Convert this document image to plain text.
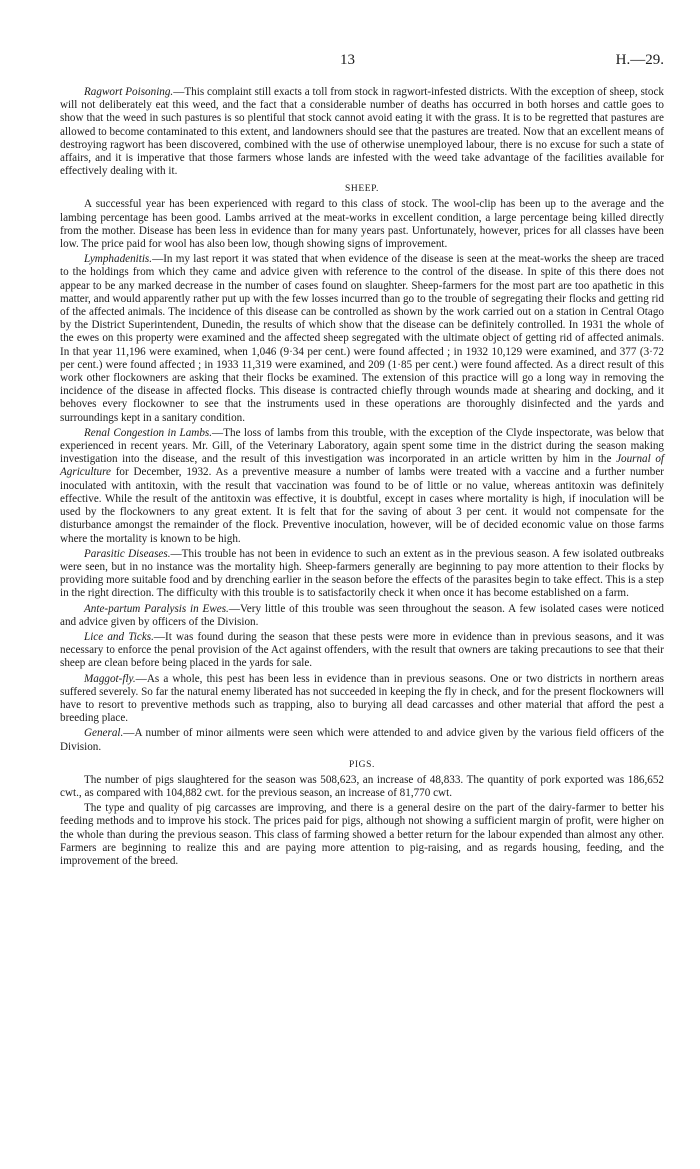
13	H.—29.

Ragwort Poisoning.—This complaint still exacts a toll from stock in ragwort-infested districts. With the exception of sheep, stock will not deliberately eat this weed, and the fact that a considerable number of deaths has occurred in both horses and cattle goes to show that the weed in such pastures is so plentiful that stock cannot avoid eating it with the grass. It is to be regretted that pastures are allowed to become contaminated to this extent, and landowners should see that the pastures are treated. Now that an excellent means of destroying ragwort has been discovered, combined with the use of otherwise unemployed labour, there is no excuse for such a state of affairs, and it is imperative that those farmers whose lands are infested with the weed take advantage of the facilities available for effectively dealing with it.

SHEEP.

A successful year has been experienced with regard to this class of stock. The wool-clip has been up to the average and the lambing percentage has been good. Lambs arrived at the meat-works in excellent condition, a large percentage being killed directly from the mother. Disease has been less in evidence than for many years past. Unfortunately, however, prices for all classes have been low. The price paid for wool has also been low, though showing signs of improvement.

Lymphadenitis.—In my last report it was stated that when evidence of the disease is seen at the meat-works the sheep are traced to the holdings from which they came and advice given with reference to the control of the disease. In spite of this there does not appear to be any marked decrease in the number of cases found on slaughter. Sheep-farmers for the most part are too apathetic in this matter, and would apparently rather put up with the few losses incurred than go to the trouble of segregating their flocks and getting rid of the affected animals. The incidence of this disease can be controlled as shown by the work carried out on a station in Central Otago by the District Superintendent, Dunedin, the results of which show that the disease can be definitely controlled. In 1931 the whole of the ewes on this property were examined and the affected sheep segregated with the ultimate object of getting rid of affected animals. In that year 11,196 were examined, when 1,046 (9·34 per cent.) were found affected ; in 1932 10,129 were examined, and 377 (3·72 per cent.) were found affected ; in 1933 11,319 were examined, and 209 (1·85 per cent.) were found affected. As a direct result of this work other flockowners are asking that their flocks be examined. The extension of this practice will go a long way in removing the incidence of the disease in affected flocks. This disease is contracted chiefly through wounds made at shearing and docking, and it behoves every flockowner to see that the instruments used in these operations are thoroughly disinfected and the yards and surroundings kept in a sanitary condition.

Renal Congestion in Lambs.—The loss of lambs from this trouble, with the exception of the Clyde inspectorate, was below that experienced in recent years. Mr. Gill, of the Veterinary Laboratory, again spent some time in the district during the season making investigation into the disease, and the result of this investigation was incorporated in an article written by him in the Journal of Agriculture for December, 1932. As a preventive measure a number of lambs were treated with a vaccine and a further number inoculated with antitoxin, with the result that vaccination was found to be of little or no value, whereas antitoxin was definitely effective. While the result of the antitoxin was effective, it is doubtful, except in cases where mortality is high, if inoculation will be used by the flockowners to any great extent. It is felt that for the saving of about 3 per cent. it would not compensate for the disturbance amongst the remainder of the flock. Preventive inoculation, however, will be of decided economic value on those farms where the mortality is known to be high.

Parasitic Diseases.—This trouble has not been in evidence to such an extent as in the previous season. A few isolated outbreaks were seen, but in no instance was the mortality high. Sheep-farmers generally are beginning to pay more attention to their flocks by providing more suitable food and by drenching earlier in the season before the effects of the parasites begin to take effect. This is a step in the right direction. The difficulty with this trouble is to satisfactorily check it when once it has become established on a farm.

Ante-partum Paralysis in Ewes.—Very little of this trouble was seen throughout the season. A few isolated cases were noticed and advice given by officers of the Division.

Lice and Ticks.—It was found during the season that these pests were more in evidence than in previous seasons, and it was necessary to enforce the penal provision of the Act against offenders, with the result that owners are taking precautions to see that their sheep are clean before being placed in the yards for sale.

Maggot-fly.—As a whole, this pest has been less in evidence than in previous seasons. One or two districts in northern areas suffered severely. So far the natural enemy liberated has not succeeded in keeping the fly in check, and for the present flockowners will have to resort to preventive methods such as trapping, also to burying all dead carcasses and other material that afford the pest a breeding place.

General.—A number of minor ailments were seen which were attended to and advice given by the various field officers of the Division.

PIGS.

The number of pigs slaughtered for the season was 508,623, an increase of 48,833. The quantity of pork exported was 186,652 cwt., as compared with 104,882 cwt. for the previous season, an increase of 81,770 cwt.

The type and quality of pig carcasses are improving, and there is a general desire on the part of the dairy-farmer to better his feeding methods and to improve his stock. The prices paid for pigs, although not showing a sufficient margin of profit, were higher on the whole than during the previous season. This class of farming showed a better return for the labour expended than almost any other. Farmers are beginning to realize this and are paying more attention to pig-raising, and as regards housing, feeding, and the improvement of the breed.
